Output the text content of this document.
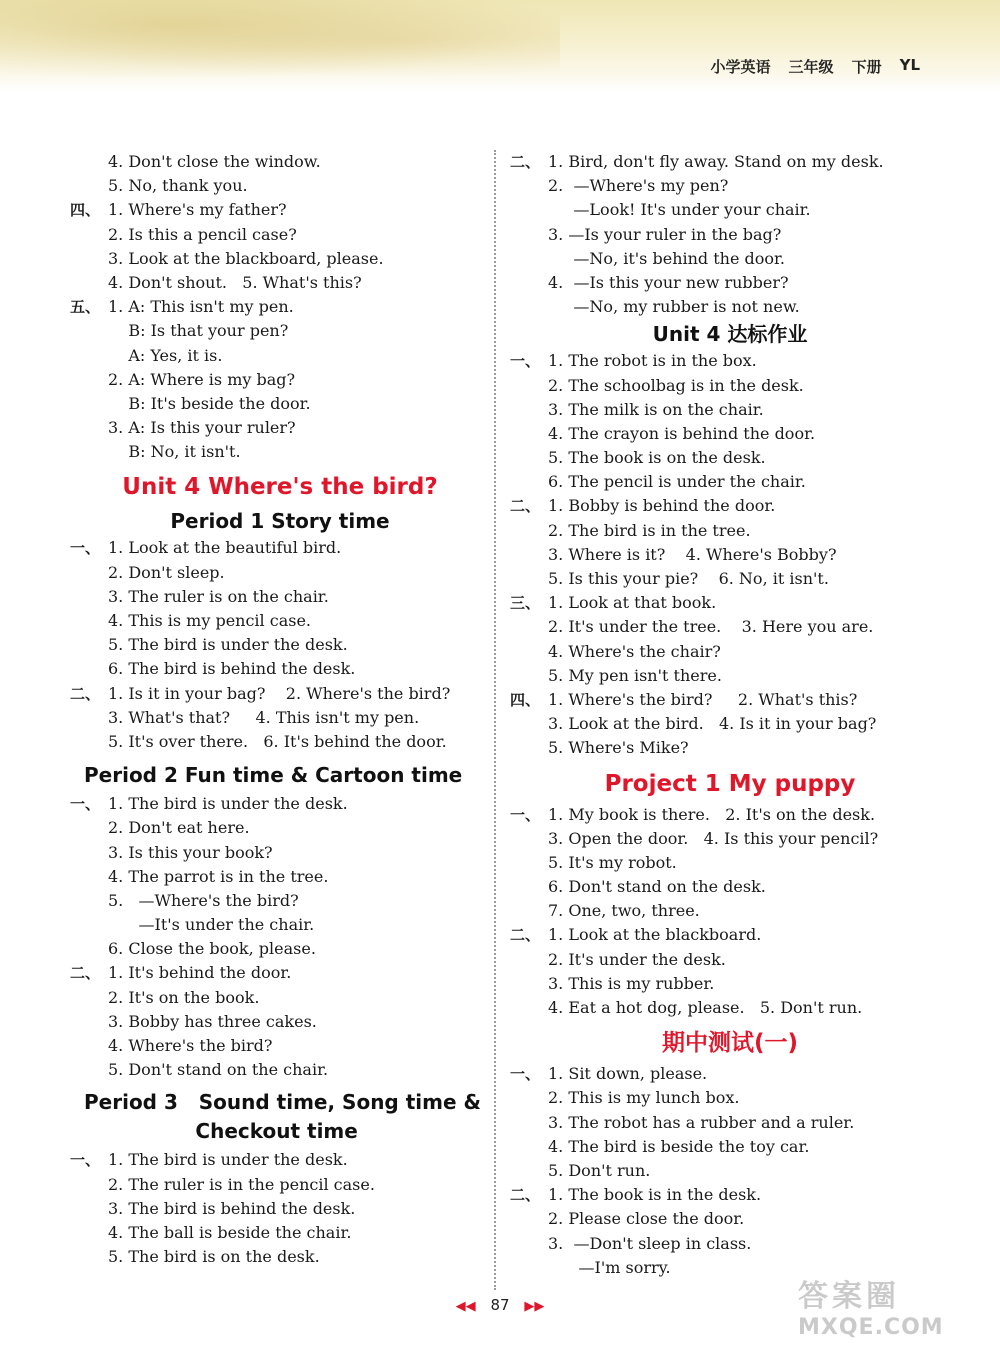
小学英语 三年级 下册 YL
4. Don't close the window.
5. No, thank you.
四、 1. Where's my father?
2. Is this a pencil case?
3. Look at the blackboard, please.
4. Don't shout.   5. What's this?
五、 1. A: This isn't my pen.
B: Is that your pen?
A: Yes, it is.
2. A: Where is my bag?
B: It's beside the door.
3. A: Is this your ruler?
B: No, it isn't.
Unit 4 Where's the bird?
Period 1 Story time
一、 1. Look at the beautiful bird.
2. Don't sleep.
3. The ruler is on the chair.
4. This is my pencil case.
5. The bird is under the desk.
6. The bird is behind the desk.
二、 1. Is it in your bag?    2. Where's the bird?
3. What's that?     4. This isn't my pen.
5. It's over there.   6. It's behind the door.
Period 2 Fun time & Cartoon time
一、 1. The bird is under the desk.
2. Don't eat here.
3. Is this your book?
4. The parrot is in the tree.
5.   —Where's the bird?
—It's under the chair.
6. Close the book, please.
二、 1. It's behind the door.
2. It's on the book.
3. Bobby has three cakes.
4. Where's the bird?
5. Don't stand on the chair.
Period 3   Sound time, Song time &
Checkout time
一、 1. The bird is under the desk.
2. The ruler is in the pencil case.
3. The bird is behind the desk.
4. The ball is beside the chair.
5. The bird is on the desk.
二、 1. Bird, don't fly away. Stand on my desk.
2.  —Where's my pen?
—Look! It's under your chair.
3. —Is your ruler in the bag?
—No, it's behind the door.
4.  —Is this your new rubber?
—No, my rubber is not new.
Unit 4 达标作业
一、 1. The robot is in the box.
2. The schoolbag is in the desk.
3. The milk is on the chair.
4. The crayon is behind the door.
5. The book is on the desk.
6. The pencil is under the chair.
二、 1. Bobby is behind the door.
2. The bird is in the tree.
3. Where is it?    4. Where's Bobby?
5. Is this your pie?    6. No, it isn't.
三、 1. Look at that book.
2. It's under the tree.    3. Here you are.
4. Where's the chair?
5. My pen isn't there.
四、 1. Where's the bird?     2. What's this?
3. Look at the bird.   4. Is it in your bag?
5. Where's Mike?
Project 1 My puppy
一、 1. My book is there.   2. It's on the desk.
3. Open the door.   4. Is this your pencil?
5. It's my robot.
6. Don't stand on the desk.
7. One, two, three.
二、 1. Look at the blackboard.
2. It's under the desk.
3. This is my rubber.
4. Eat a hot dog, please.   5. Don't run.
期中测试(一)
一、 1. Sit down, please.
2. This is my lunch box.
3. The robot has a rubber and a ruler.
4. The bird is beside the toy car.
5. Don't run.
二、 1. The book is in the desk.
2. Please close the door.
3.  —Don't sleep in class.
—I'm sorry.
◀◀ 87 ▶▶	答案圈
MXQE.COM
